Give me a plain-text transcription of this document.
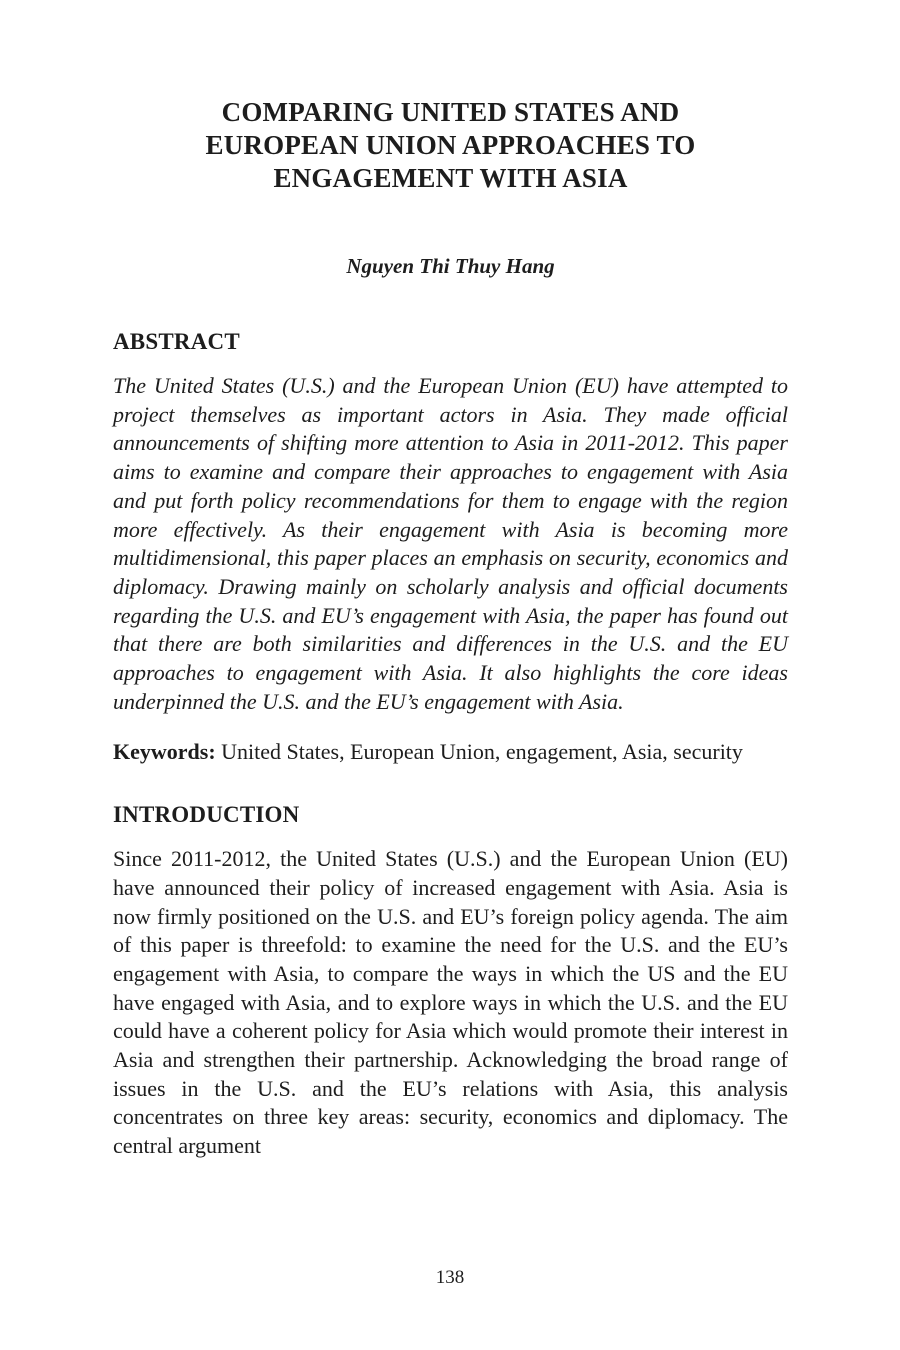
COMPARING UNITED STATES AND
EUROPEAN UNION APPROACHES TO
ENGAGEMENT WITH ASIA
Nguyen Thi Thuy Hang
ABSTRACT

The United States (U.S.) and the European Union (EU) have attempted to project themselves as important actors in Asia. They made official announcements of shifting more attention to Asia in 2011-2012. This paper aims to examine and compare their approaches to engagement with Asia and put forth policy recommendations for them to engage with the region more effectively. As their engagement with Asia is becoming more multidimensional, this paper places an emphasis on security, economics and diplomacy. Drawing mainly on scholarly analysis and official documents regarding the U.S. and EU’s engagement with Asia, the paper has found out that there are both similarities and differences in the U.S. and the EU approaches to engagement with Asia. It also highlights the core ideas underpinned the U.S. and the EU’s engagement with Asia.

Keywords: United States, European Union, engagement, Asia, security

INTRODUCTION

Since 2011-2012, the United States (U.S.) and the European Union (EU) have announced their policy of increased engagement with Asia. Asia is now firmly positioned on the U.S. and EU’s foreign policy agenda. The aim of this paper is threefold: to examine the need for the U.S. and the EU’s engagement with Asia, to compare the ways in which the US and the EU have engaged with Asia, and to explore ways in which the U.S. and the EU could have a coherent policy for Asia which would promote their interest in Asia and strengthen their partnership. Acknowledging the broad range of issues in the U.S. and the EU’s relations with Asia, this analysis concentrates on three key areas: security, economics and diplomacy. The central argument

138
